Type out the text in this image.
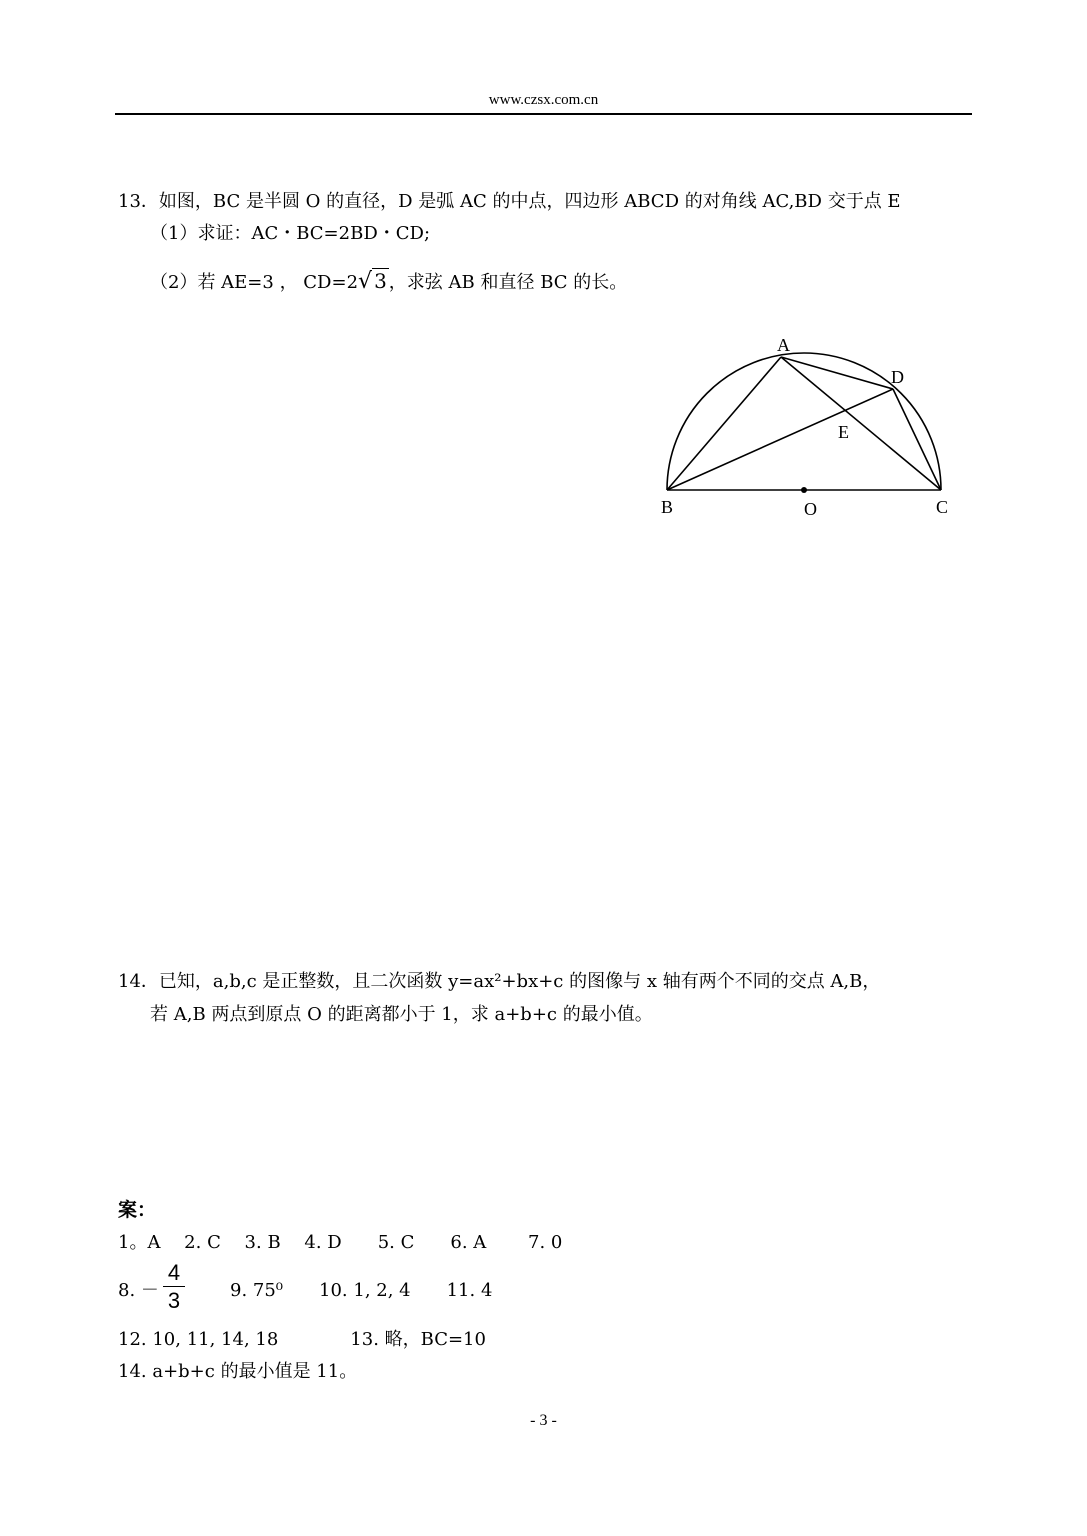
www.czsx.com.cn
13．如图，BC 是半圆 O 的直径，D 是弧 AC 的中点，四边形 ABCD 的对角线 AC,BD 交于点 E
（1）求证：AC・BC=2BD・CD;
（2）若 AE=3 ， CD=2√ 3 ，求弦 AB 和直径 BC 的长。
A
D
E
B	O	C
14．已知，a,b,c 是正整数，且二次函数 y=ax²+bx+c 的图像与 x 轴有两个不同的交点 A,B，
若 A,B 两点到原点 O 的距离都小于 1，求 a+b+c 的最小值。
案：
1。A　 2. C　 3. B　 4. D　　5. C　　6. A　　 7. 0
8. － $\frac{4}{3}$	9. 75⁰　　10. 1, 2, 4　　11. 4
12. 10, 11, 14, 18　　　　13. 略，BC=10
14. a+b+c 的最小值是 11。
- 3 -
